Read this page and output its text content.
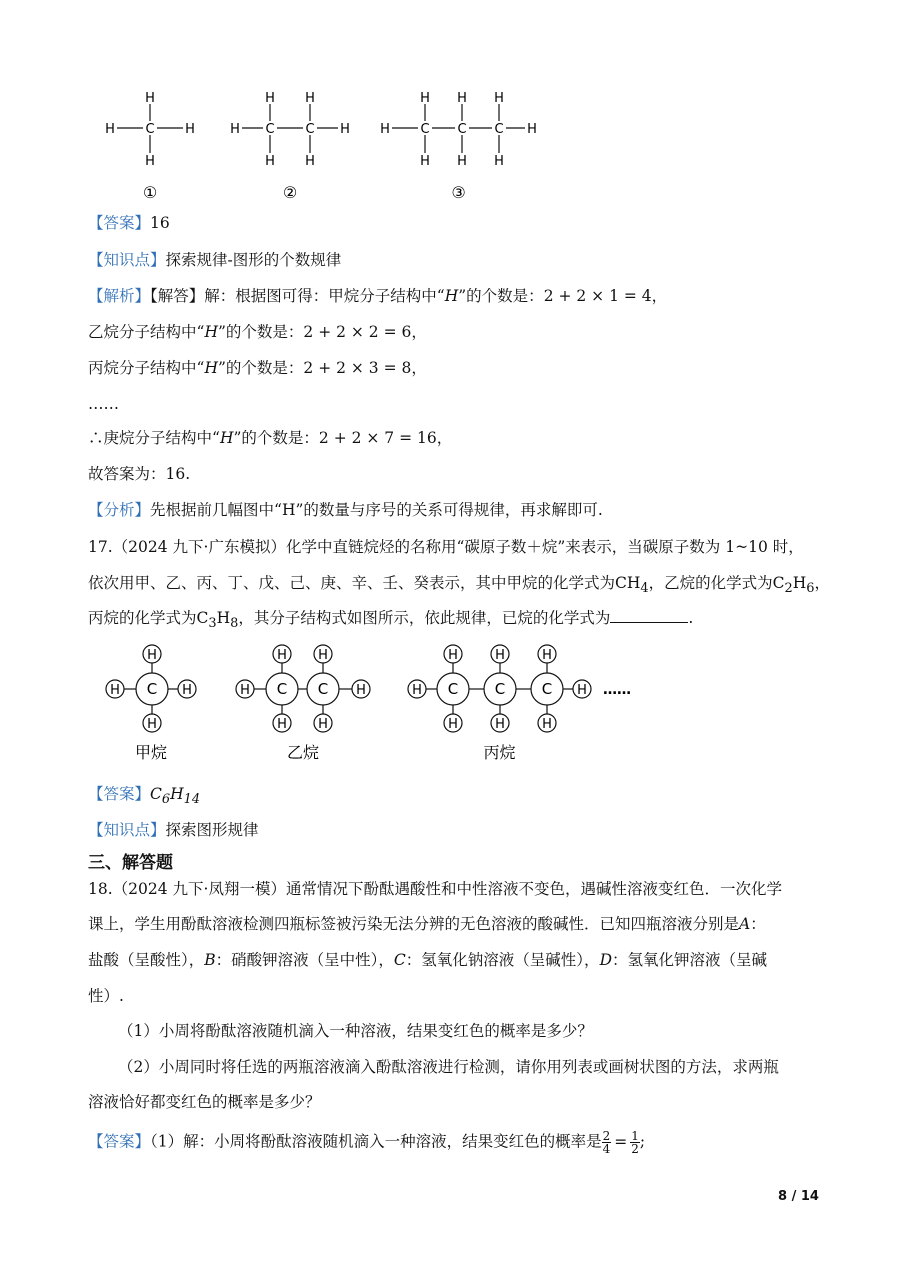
H C
H
H
H
①
H C
H
H
C
H
H
H
②
H C
H
H
C
H
H
C
H
H
H
③
【答案】16
【知识点】探索规律-图形的个数规律
【解析】【解答】解：根据图可得：甲烷分子结构中“H”的个数是：2 + 2 × 1 = 4，
乙烷分子结构中“H”的个数是：2 + 2 × 2 = 6，
丙烷分子结构中“H”的个数是：2 + 2 × 3 = 8，
……
∴庚烷分子结构中“H”的个数是：2 + 2 × 7 = 16，
故答案为：16.
【分析】先根据前几幅图中“H”的数量与序号的关系可得规律，再求解即可.
17.（2024 九下·广东模拟）化学中直链烷烃的名称用“碳原子数＋烷”来表示，当碳原子数为 1~10 时，
依次用甲、乙、丙、丁、戊、己、庚、辛、壬、癸表示，其中甲烷的化学式为$CH_4$，乙烷的化学式为$C_2H_6$，
丙烷的化学式为$C_3H_8$，其分子结构式如图所示，依此规律，已烷的化学式为	.
H	H
C
H
H
甲烷
H	H
C
H
H
C
H
H
乙烷
H	H
C
H
H
C
H
H
C
H
H
丙烷
……
【答案】$C_6H_{14}$
【知识点】探索图形规律
三、解答题
18.（2024 九下·凤翔一模）通常情况下酚酞遇酸性和中性溶液不变色，遇碱性溶液变红色．一次化学
课上，学生用酚酞溶液检测四瓶标签被污染无法分辨的无色溶液的酸碱性．已知四瓶溶液分别是A：
盐酸（呈酸性），B：硝酸钾溶液（呈中性），C：氢氧化钠溶液（呈碱性），D：氢氧化钾溶液（呈碱
性）.
（1）小周将酚酞溶液随机滴入一种溶液，结果变红色的概率是多少？
（2）小周同时将任选的两瓶溶液滴入酚酞溶液进行检测，请你用列表或画树状图的方法，求两瓶
溶液恰好都变红色的概率是多少？
【答案】（1）解：小周将酚酞溶液随机滴入一种溶液，结果变红色的概率是 $\frac{2}{4} = \frac{1}{2}$ ;
8 / 14
